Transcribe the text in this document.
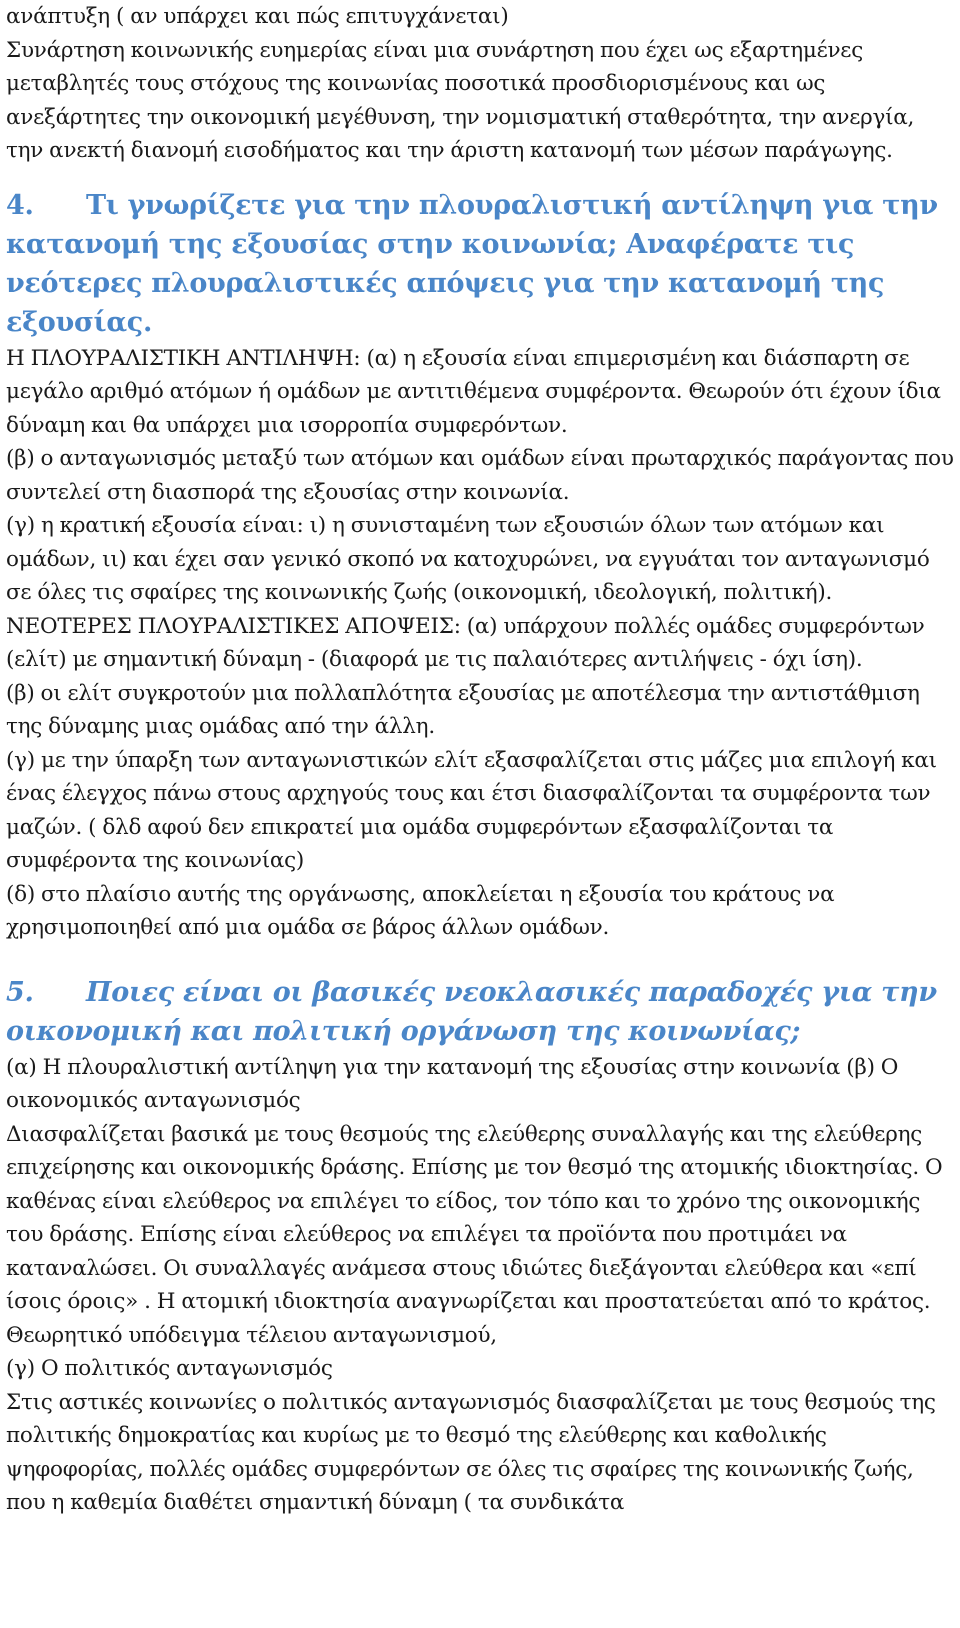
ανάπτυξη ( αν υπάρχει και πώς επιτυγχάνεται)

Συνάρτηση κοινωνικής ευημερίας είναι μια συνάρτηση που έχει ως εξαρτημένες μεταβλητές τους στόχους της κοινωνίας ποσοτικά προσδιορισμένους και ως ανεξάρτητες την οικονομική μεγέθυνση, την νομισματική σταθερότητα, την ανεργία, την ανεκτή διανομή εισοδήματος και την άριστη κατανομή των μέσων παράγωγης.

4. Τι γνωρίζετε για την πλουραλιστική αντίληψη για την κατανομή της εξουσίας στην κοινωνία; Αναφέρατε τις νεότερες πλουραλιστικές απόψεις για την κατανομή της εξουσίας.

Η ΠΛΟΥΡΑΛΙΣΤΙΚΗ ΑΝΤΙΛΗΨΗ: (α) η εξουσία είναι επιμερισμένη και διάσπαρτη σε μεγάλο αριθμό ατόμων ή ομάδων με αντιτιθέμενα συμφέροντα. Θεωρούν ότι έχουν ίδια δύναμη και θα υπάρχει μια ισορροπία συμφερόντων.

(β) ο ανταγωνισμός μεταξύ των ατόμων και ομάδων είναι πρωταρχικός παράγοντας που συντελεί στη διασπορά της εξουσίας στην κοινωνία.

(γ) η κρατική εξουσία είναι: ι) η συνισταμένη των εξουσιών όλων των ατόμων και ομάδων, ιι) και έχει σαν γενικό σκοπό να κατοχυρώνει, να εγγυάται τον ανταγωνισμό σε όλες τις σφαίρες της κοινωνικής ζωής (οικονομική, ιδεολογική, πολιτική). ΝΕΟΤΕΡΕΣ ΠΛΟΥΡΑΛΙΣΤΙΚΕΣ ΑΠΟΨΕΙΣ: (α) υπάρχουν πολλές ομάδες συμφερόντων (ελίτ) με σημαντική δύναμη - (διαφορά με τις παλαιότερες αντιλήψεις - όχι ίση).

(β) οι ελίτ συγκροτούν μια πολλαπλότητα εξουσίας με αποτέλεσμα την αντιστάθμιση της δύναμης μιας ομάδας από την άλλη.

(γ) με την ύπαρξη των ανταγωνιστικών ελίτ εξασφαλίζεται στις μάζες μια επιλογή και ένας έλεγχος πάνω στους αρχηγούς τους και έτσι διασφαλίζονται τα συμφέροντα των μαζών. ( δλδ αφού δεν επικρατεί μια ομάδα συμφερόντων εξασφαλίζονται τα συμφέροντα της κοινωνίας)

(δ) στο πλαίσιο αυτής της οργάνωσης, αποκλείεται η εξουσία του κράτους να χρησιμοποιηθεί από μια ομάδα σε βάρος άλλων ομάδων.

5. Ποιες είναι οι βασικές νεοκλασικές παραδοχές για την οικονομική και πολιτική οργάνωση της κοινωνίας;

(α) Η πλουραλιστική αντίληψη για την κατανομή της εξουσίας στην κοινωνία (β) Ο οικονομικός ανταγωνισμός

Διασφαλίζεται βασικά με τους θεσμούς της ελεύθερης συναλλαγής και της ελεύθερης επιχείρησης και οικονομικής δράσης. Επίσης με τον θεσμό της ατομικής ιδιοκτησίας. Ο καθένας είναι ελεύθερος να επιλέγει το είδος, τον τόπο και το χρόνο της οικονομικής του δράσης. Επίσης είναι ελεύθερος να επιλέγει τα προϊόντα που προτιμάει να καταναλώσει. Οι συναλλαγές ανάμεσα στους ιδιώτες διεξάγονται ελεύθερα και «επί ίσοις όροις» . Η ατομική ιδιοκτησία αναγνωρίζεται και προστατεύεται από το κράτος. Θεωρητικό υπόδειγμα τέλειου ανταγωνισμού,

(γ) Ο πολιτικός ανταγωνισμός

Στις αστικές κοινωνίες ο πολιτικός ανταγωνισμός διασφαλίζεται με τους θεσμούς της πολιτικής δημοκρατίας και κυρίως με το θεσμό της ελεύθερης και καθολικής ψηφοφορίας, πολλές ομάδες συμφερόντων σε όλες τις σφαίρες της κοινωνικής ζωής, που η καθεμία διαθέτει σημαντική δύναμη ( τα συνδικάτα
